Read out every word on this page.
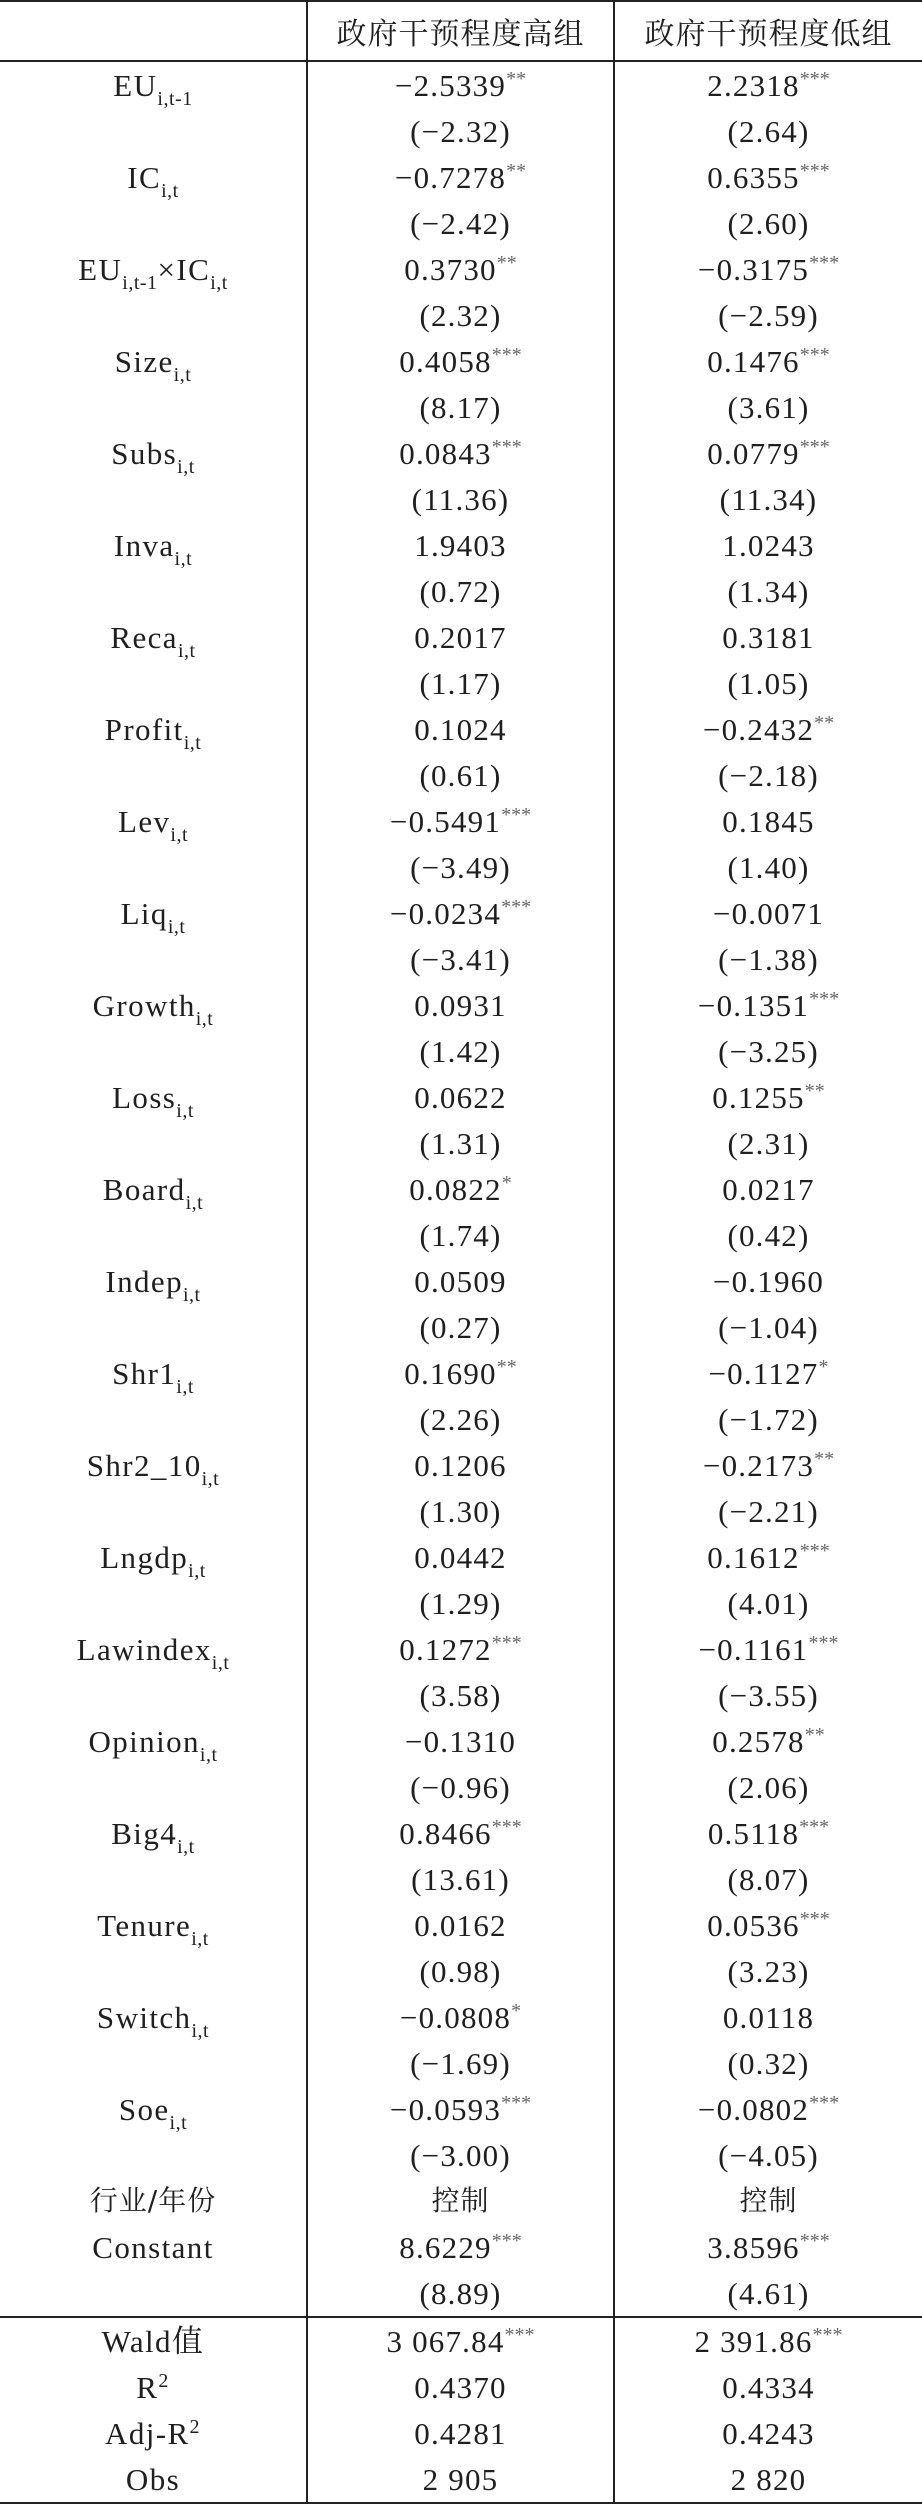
	政府干预程度高组	政府干预程度低组
$EU_{i,t-1}$	−2.5339**	2.2318***
	(−2.32)	(2.64)
$IC_{i,t}$	−0.7278**	0.6355***
	(−2.42)	(2.60)
$EU_{i,t-1}\times IC_{i,t}$	0.3730**	−0.3175***
	(2.32)	(−2.59)
Size$_{i,t}$	0.4058***	0.1476***
	(8.17)	(3.61)
Subs$_{i,t}$	0.0843***	0.0779***
	(11.36)	(11.34)
Inva$_{i,t}$	1.9403	1.0243
	(0.72)	(1.34)
Reca$_{i,t}$	0.2017	0.3181
	(1.17)	(1.05)
Profit$_{i,t}$	0.1024	−0.2432**
	(0.61)	(−2.18)
Lev$_{i,t}$	−0.5491***	0.1845
	(−3.49)	(1.40)
Liq$_{i,t}$	−0.0234***	−0.0071
	(−3.41)	(−1.38)
Growth$_{i,t}$	0.0931	−0.1351***
	(1.42)	(−3.25)
Loss$_{i,t}$	0.0622	0.1255**
	(1.31)	(2.31)
Board$_{i,t}$	0.0822*	0.0217
	(1.74)	(0.42)
Indep$_{i,t}$	0.0509	−0.1960
	(0.27)	(−1.04)
$Shr1_{i,t}$	0.1690**	−0.1127*
	(2.26)	(−1.72)
$Shr2\_10_{i,t}$	0.1206	−0.2173**
	(1.30)	(−2.21)
Lngdp$_{i,t}$	0.0442	0.1612***
	(1.29)	(4.01)
Lawindex$_{i,t}$	0.1272***	−0.1161***
	(3.58)	(−3.55)
Opinion$_{i,t}$	−0.1310	0.2578**
	(−0.96)	(2.06)
$Big4_{i,t}$	0.8466***	0.5118***
	(13.61)	(8.07)
Tenure$_{i,t}$	0.0162	0.0536***
	(0.98)	(3.23)
Switch$_{i,t}$	−0.0808*	0.0118
	(−1.69)	(0.32)
Soe$_{i,t}$	−0.0593***	−0.0802***
	(−3.00)	(−4.05)
行业/年份	控制	控制
Constant	8.6229***	3.8596***
	(8.89)	(4.61)
Wald值	3 067.84***	2 391.86***
$R^2$	0.4370	0.4334
Adj-$R^2$	0.4281	0.4243
Obs	2 905	2 820
